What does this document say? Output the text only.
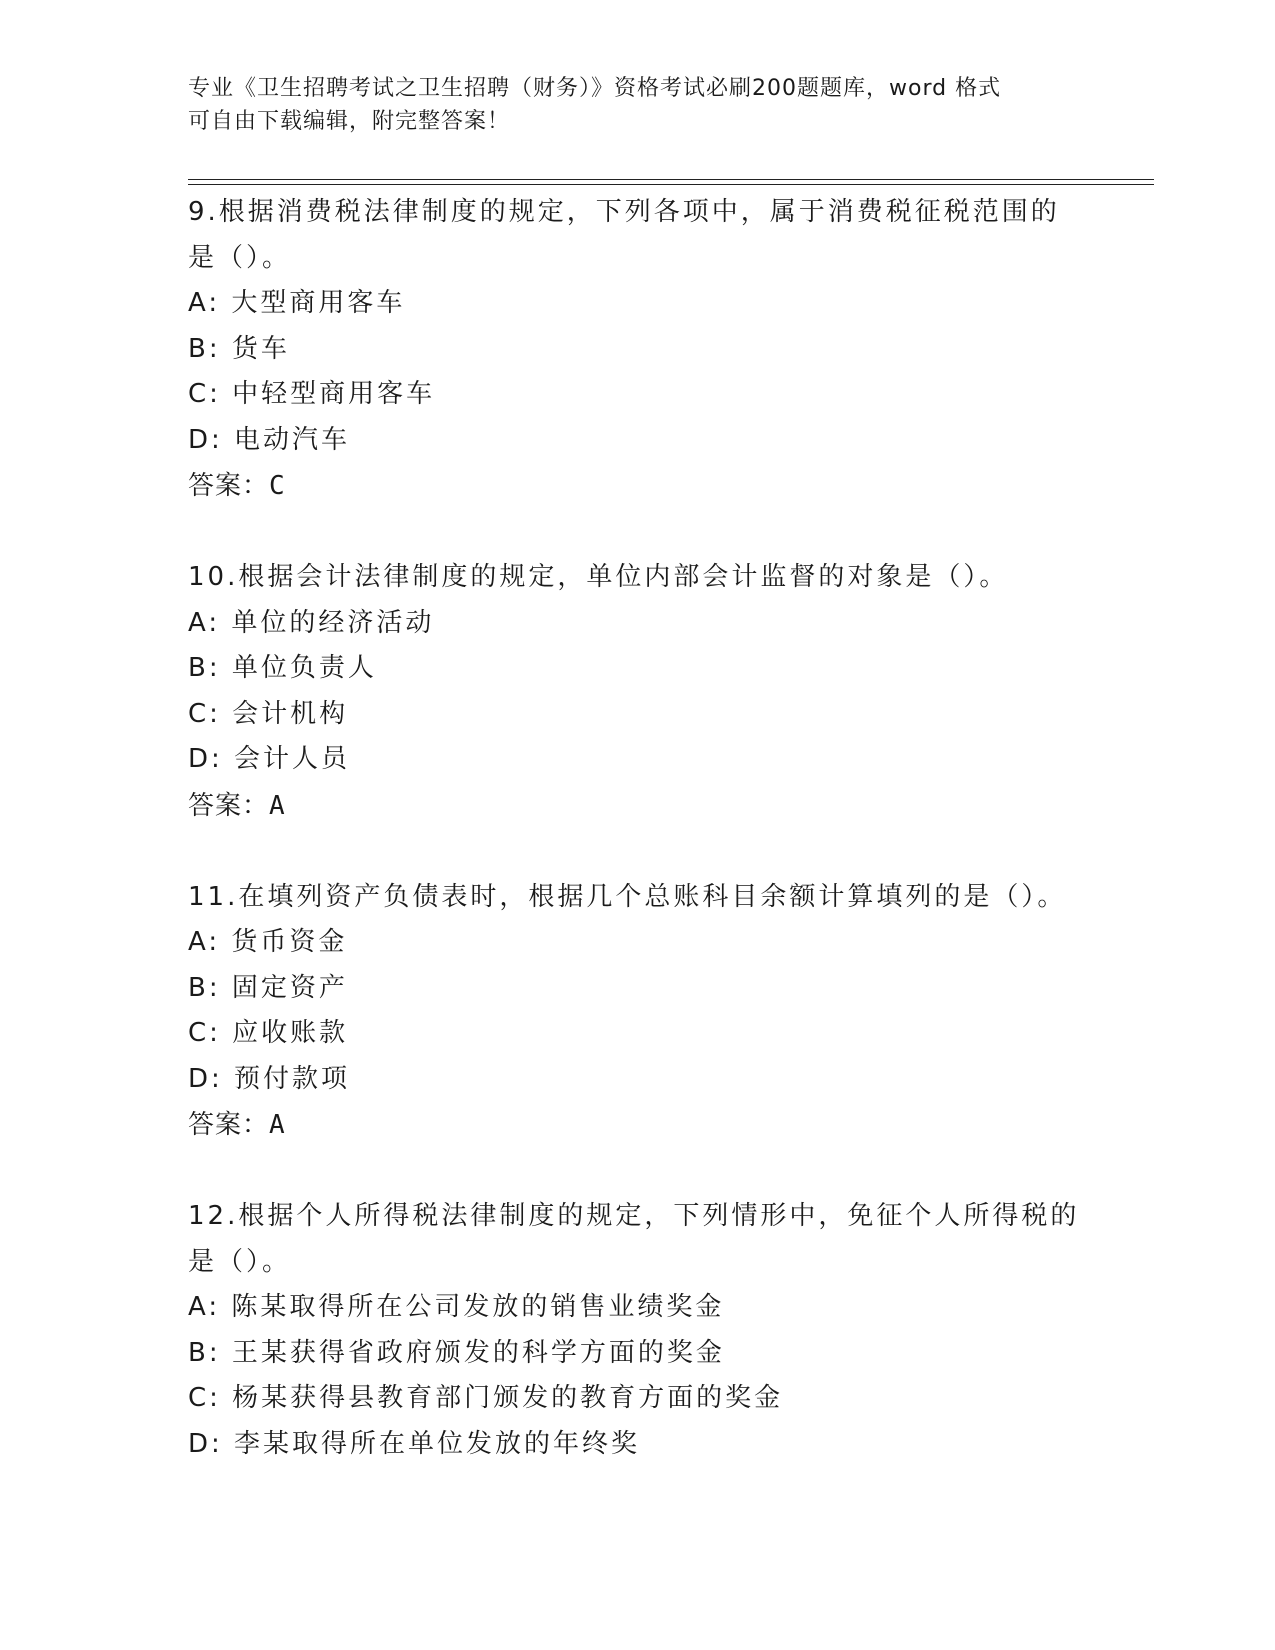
专业《卫生招聘考试之卫生招聘（财务）》资格考试必刷200题题库，word 格式
可自由下载编辑，附完整答案！
9.根据消费税法律制度的规定，下列各项中，属于消费税征税范围的
是（）。
A: 大型商用客车
B: 货车
C: 中轻型商用客车
D: 电动汽车
答案：C
10.根据会计法律制度的规定，单位内部会计监督的对象是（）。
A: 单位的经济活动
B: 单位负责人
C: 会计机构
D: 会计人员
答案：A
11.在填列资产负债表时，根据几个总账科目余额计算填列的是（）。
A: 货币资金
B: 固定资产
C: 应收账款
D: 预付款项
答案：A
12.根据个人所得税法律制度的规定，下列情形中，免征个人所得税的
是（）。
A: 陈某取得所在公司发放的销售业绩奖金
B: 王某获得省政府颁发的科学方面的奖金
C: 杨某获得县教育部门颁发的教育方面的奖金
D: 李某取得所在单位发放的年终奖
